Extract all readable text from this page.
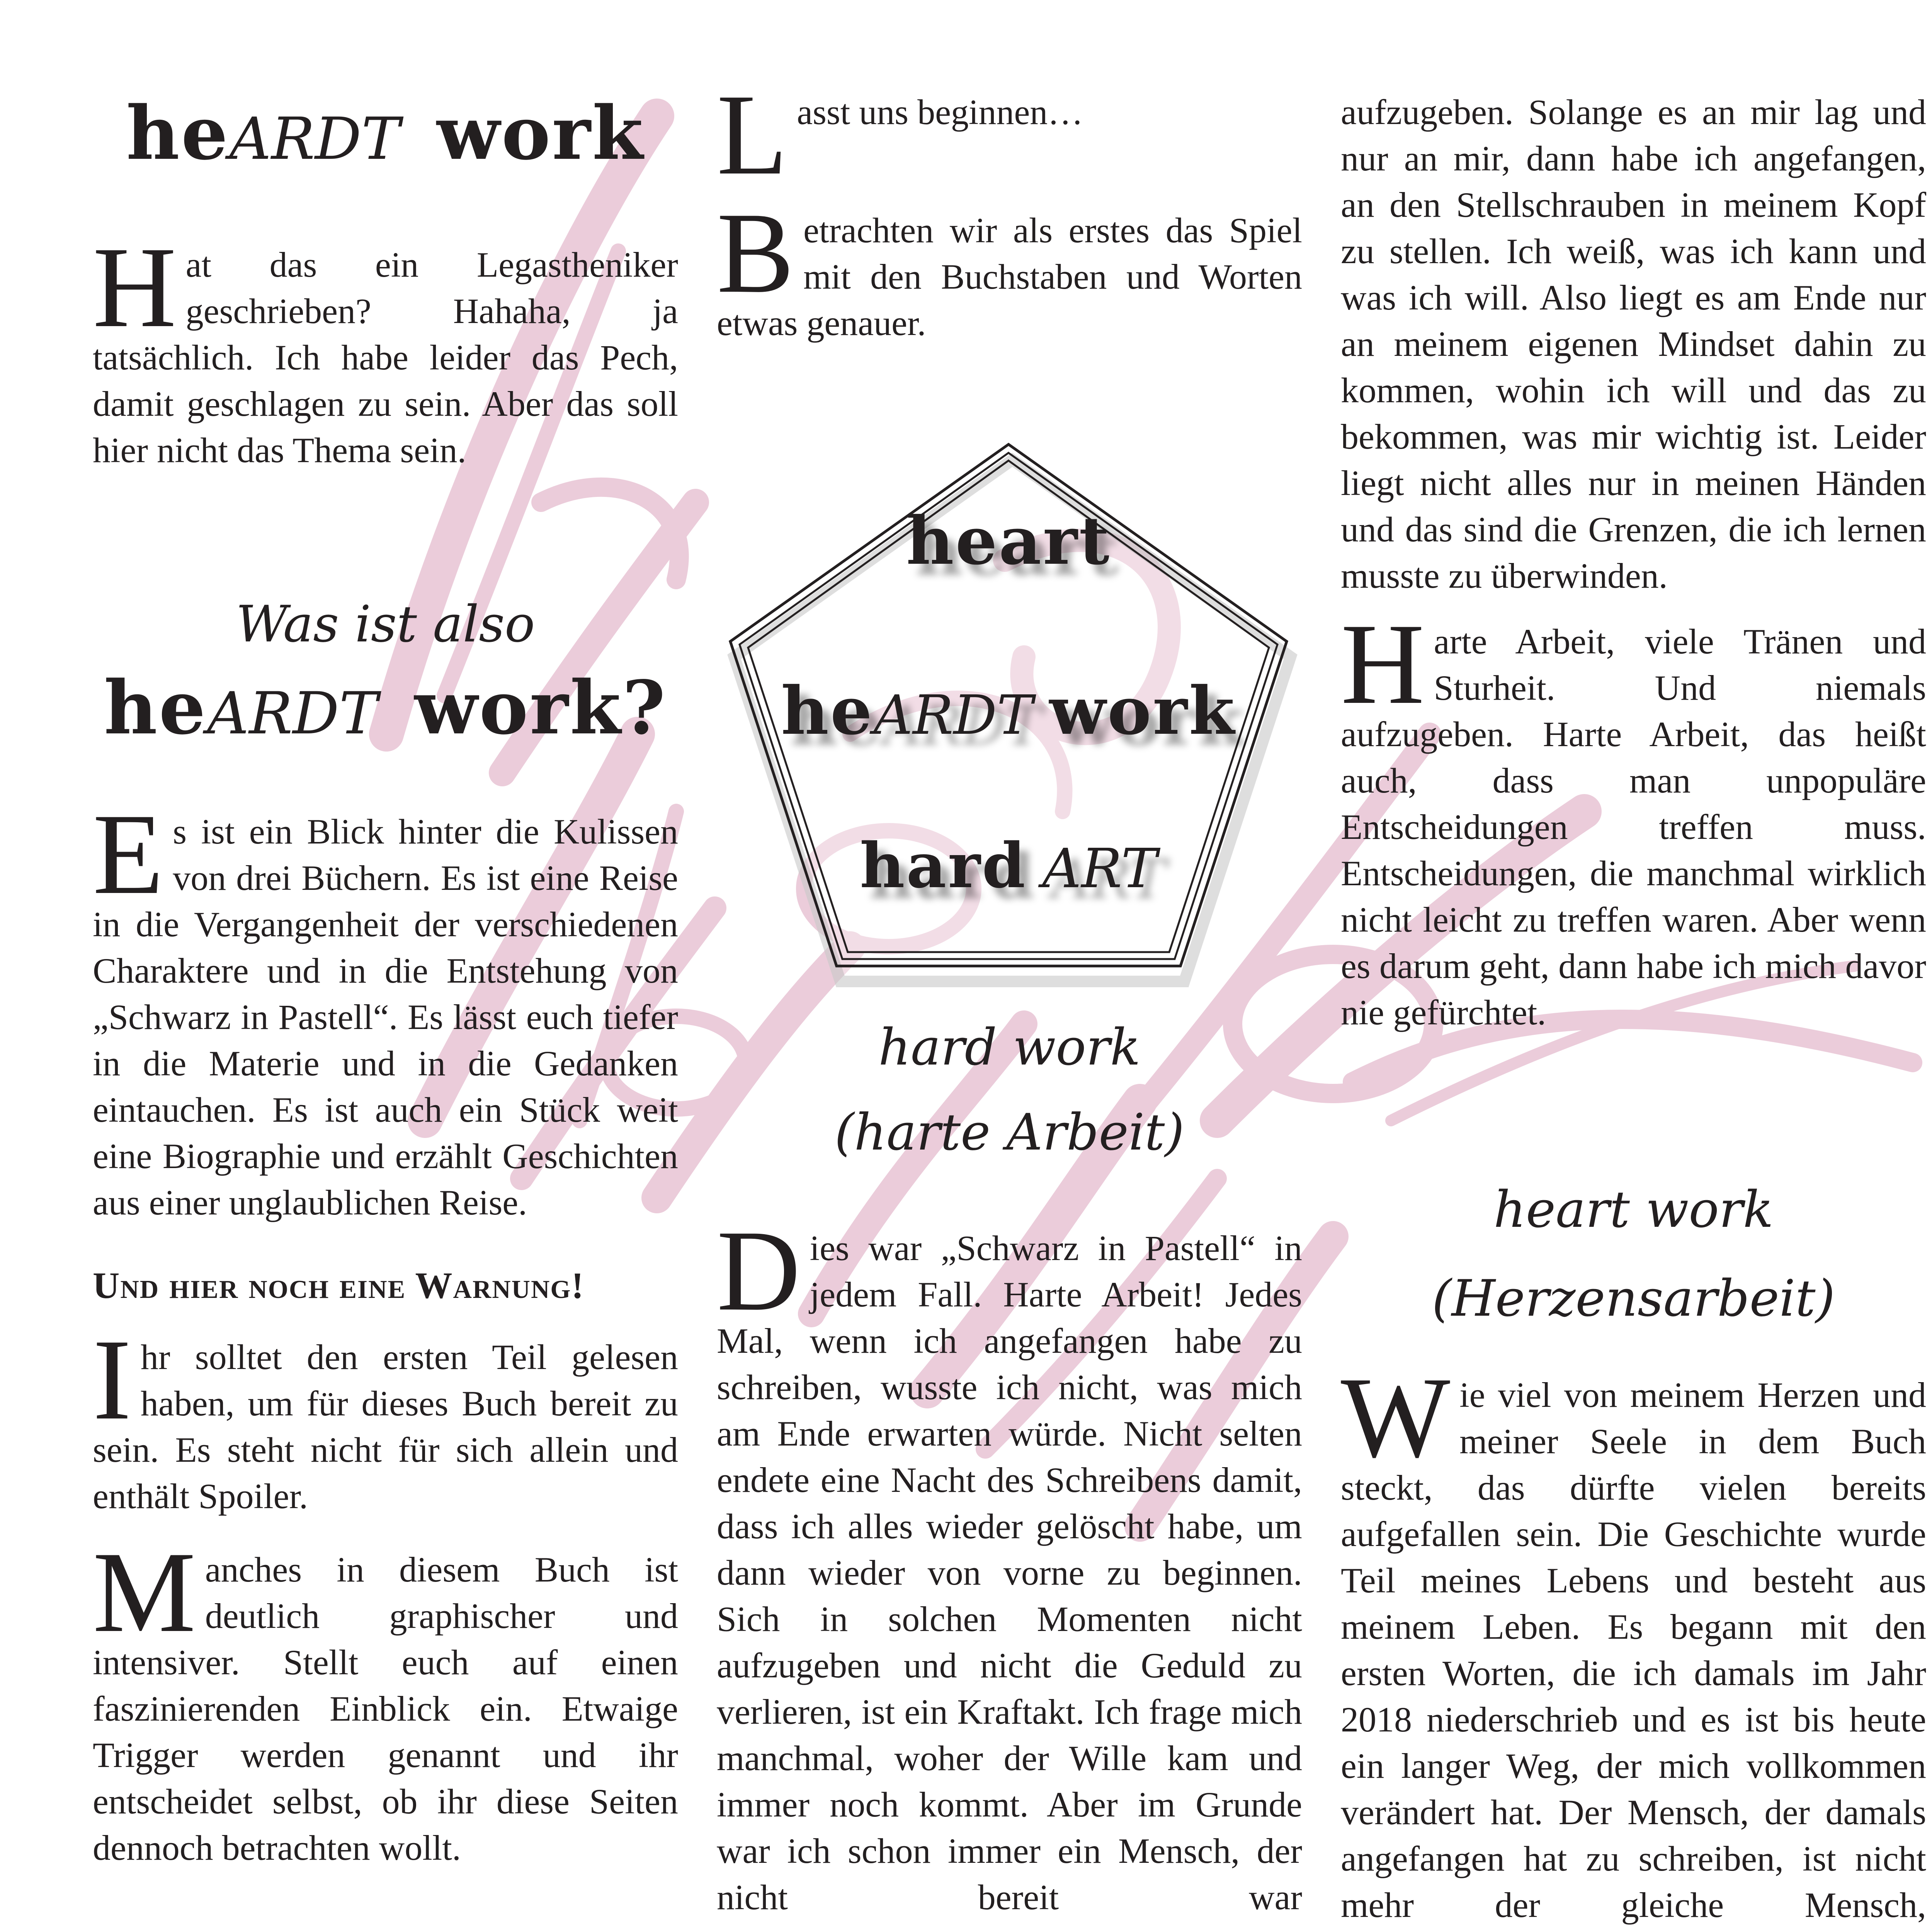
heARDT work

Hat das ein Legastheniker geschrieben? Hahaha, ja tatsächlich. Ich habe leider das Pech, damit geschlagen zu sein. Aber das soll hier nicht das Thema sein.

Was ist also
heARDT work?

Es ist ein Blick hinter die Kulissen von drei Büchern. Es ist eine Reise in die Vergangenheit der verschiedenen Charaktere und in die Entstehung von „Schwarz in Pastell“. Es lässt euch tiefer in die Materie und in die Gedanken eintauchen. Es ist auch ein Stück weit eine Biographie und erzählt Geschichten aus einer unglaublichen Reise.

Und hier noch eine Warnung!

Ihr solltet den ersten Teil gelesen haben, um für dieses Buch bereit zu sein. Es steht nicht für sich allein und enthält Spoiler.

Manches in diesem Buch ist deutlich graphischer und intensiver. Stellt euch auf einen faszinierenden Einblick ein. Etwaige Trigger werden genannt und ihr entscheidet selbst, ob ihr diese Seiten dennoch betrachten wollt.

Lasst uns beginnen…

Betrachten wir als erstes das Spiel mit den Buchstaben und Worten etwas genauer.

heart
heARDT work
hard ART
hard work
(harte Arbeit)

Dies war „Schwarz in Pastell“ in jedem Fall. Harte Arbeit! Jedes Mal, wenn ich angefangen habe zu schreiben, wusste ich nicht, was mich am Ende erwarten würde. Nicht selten endete eine Nacht des Schreibens damit, dass ich alles wieder gelöscht habe, um dann wieder von vorne zu beginnen. Sich in solchen Momenten nicht aufzugeben und nicht die Geduld zu verlieren, ist ein Kraftakt. Ich frage mich manchmal, woher der Wille kam und immer noch kommt. Aber im Grunde war ich schon immer ein Mensch, der nicht bereit war

aufzugeben. Solange es an mir lag und nur an mir, dann habe ich angefangen, an den Stellschrauben in meinem Kopf zu stellen. Ich weiß, was ich kann und was ich will. Also liegt es am Ende nur an meinem eigenen Mindset dahin zu kommen, wohin ich will und das zu bekommen, was mir wichtig ist. Leider liegt nicht alles nur in meinen Händen und das sind die Grenzen, die ich lernen musste zu überwinden.

Harte Arbeit, viele Tränen und Sturheit. Und niemals aufzugeben. Harte Arbeit, das heißt auch, dass man unpopuläre Entscheidungen treffen muss. Entscheidungen, die manchmal wirklich nicht leicht zu treffen waren. Aber wenn es darum geht, dann habe ich mich davor nie gefürchtet.

heart work
(Herzensarbeit)

Wie viel von meinem Herzen und meiner Seele in dem Buch steckt, das dürfte vielen bereits aufgefallen sein. Die Geschichte wurde Teil meines Lebens und besteht aus meinem Leben. Es begann mit den ersten Worten, die ich damals im Jahr 2018 niederschrieb und es ist bis heute ein langer Weg, der mich vollkommen verändert hat. Der Mensch, der damals angefangen hat zu schreiben, ist nicht mehr der gleiche Mensch,
